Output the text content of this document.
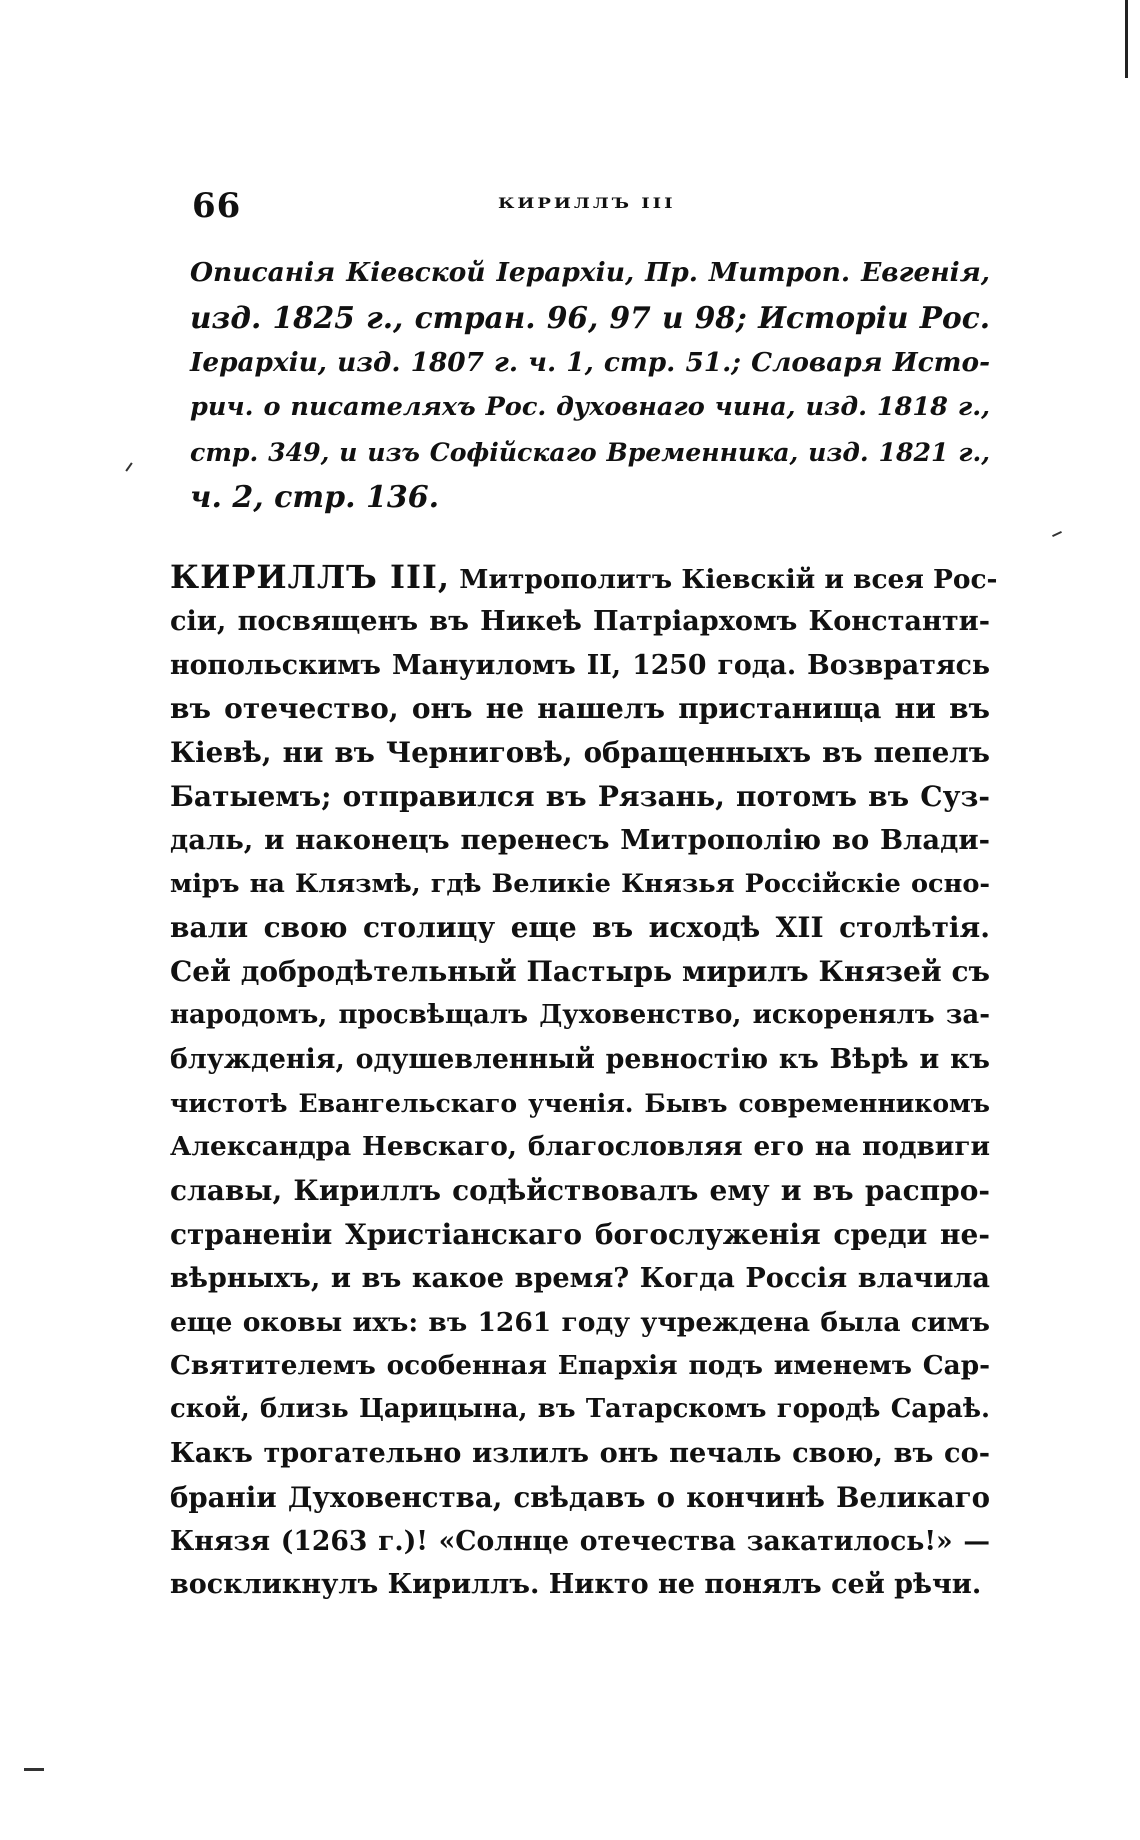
66	КИРИЛЛЪ III
Описанія Кіевской Іерархіи, Пр. Митроп. Евгенія,
изд. 1825 г., стран. 96, 97 и 98; Исторіи Рос.
Іерархіи, изд. 1807 г. ч. 1, стр. 51.; Словаря Исто-
рич. о писателяхъ Рос. духовнаго чина, изд. 1818 г.,
стр. 349, и изъ Софійскаго Временника, изд. 1821 г.,
ч. 2, стр. 136.
КИРИЛЛЪ III, Митрополитъ Кіевскій и всея Рос-
сіи, посвященъ въ Никеѣ Патріархомъ Константи-
нопольскимъ Мануиломъ II, 1250 года. Возвратясь
въ отечество, онъ не нашелъ пристанища ни въ
Кіевѣ, ни въ Черниговѣ, обращенныхъ въ пепелъ
Батыемъ; отправился въ Рязань, потомъ въ Суз-
даль, и наконецъ перенесъ Митрополію во Влади-
міръ на Клязмѣ, гдѣ Великіе Князья Россійскіе осно-
вали свою столицу еще въ исходѣ XII столѣтія.
Сей добродѣтельный Пастырь мирилъ Князей съ
народомъ, просвѣщалъ Духовенство, искоренялъ за-
блужденія, одушевленный ревностію къ Вѣрѣ и къ
чистотѣ Евангельскаго ученія. Бывъ современникомъ
Александра Невскаго, благословляя его на подвиги
славы, Кириллъ содѣйствовалъ ему и въ распро-
страненіи Христіанскаго богослуженія среди не-
вѣрныхъ, и въ какое время? Когда Россія влачила
еще оковы ихъ: въ 1261 году учреждена была симъ
Святителемъ особенная Епархія подъ именемъ Сар-
ской, близь Царицына, въ Татарскомъ городѣ Сараѣ.
Какъ трогательно излилъ онъ печаль свою, въ со-
браніи Духовенства, свѣдавъ о кончинѣ Великаго
Князя (1263 г.)! «Солнце отечества закатилось!» —
воскликнулъ Кириллъ. Никто не понялъ сей рѣчи.
